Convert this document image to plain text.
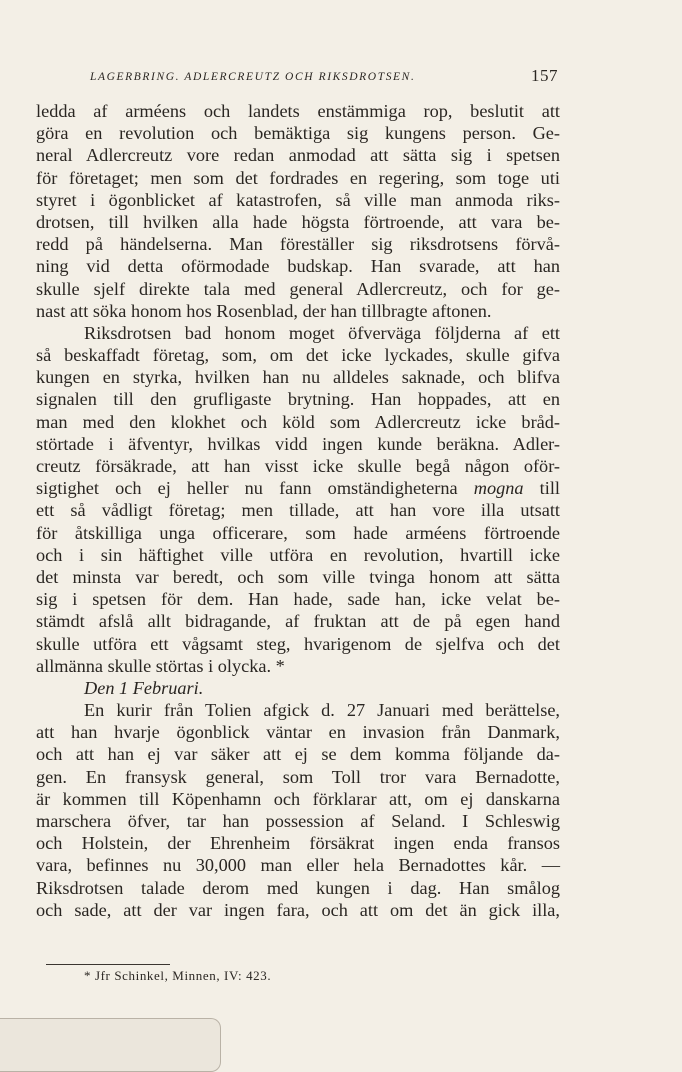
LAGERBRING. ADLERCREUTZ OCH RIKSDROTSEN.	157
ledda af arméens och landets enstämmiga rop, beslutit att
göra en revolution och bemäktiga sig kungens person. Ge-
neral Adlercreutz vore redan anmodad att sätta sig i spetsen
för företaget; men som det fordrades en regering, som toge uti
styret i ögonblicket af katastrofen, så ville man anmoda riks-
drotsen, till hvilken alla hade högsta förtroende, att vara be-
redd på händelserna. Man föreställer sig riksdrotsens förvå-
ning vid detta oförmodade budskap. Han svarade, att han
skulle sjelf direkte tala med general Adlercreutz, och for ge-
nast att söka honom hos Rosenblad, der han tillbragte aftonen.
Riksdrotsen bad honom moget öfverväga följderna af ett
så beskaffadt företag, som, om det icke lyckades, skulle gifva
kungen en styrka, hvilken han nu alldeles saknade, och blifva
signalen till den grufligaste brytning. Han hoppades, att en
man med den klokhet och köld som Adlercreutz icke bråd-
störtade i äfventyr, hvilkas vidd ingen kunde beräkna. Adler-
creutz försäkrade, att han visst icke skulle begå någon oför-
sigtighet och ej heller nu fann omständigheterna mogna till
ett så vådligt företag; men tillade, att han vore illa utsatt
för åtskilliga unga officerare, som hade arméens förtroende
och i sin häftighet ville utföra en revolution, hvartill icke
det minsta var beredt, och som ville tvinga honom att sätta
sig i spetsen för dem. Han hade, sade han, icke velat be-
stämdt afslå allt bidragande, af fruktan att de på egen hand
skulle utföra ett vågsamt steg, hvarigenom de sjelfva och det
allmänna skulle störtas i olycka. *
Den 1 Februari.
En kurir från Tolien afgick d. 27 Januari med berättelse,
att han hvarje ögonblick väntar en invasion från Danmark,
och att han ej var säker att ej se dem komma följande da-
gen. En fransysk general, som Toll tror vara Bernadotte,
är kommen till Köpenhamn och förklarar att, om ej danskarna
marschera öfver, tar han possession af Seland. I Schleswig
och Holstein, der Ehrenheim försäkrat ingen enda fransos
vara, befinnes nu 30,000 man eller hela Bernadottes kår. —
Riksdrotsen talade derom med kungen i dag. Han smålog
och sade, att der var ingen fara, och att om det än gick illa,
* Jfr Schinkel, Minnen, IV: 423.
